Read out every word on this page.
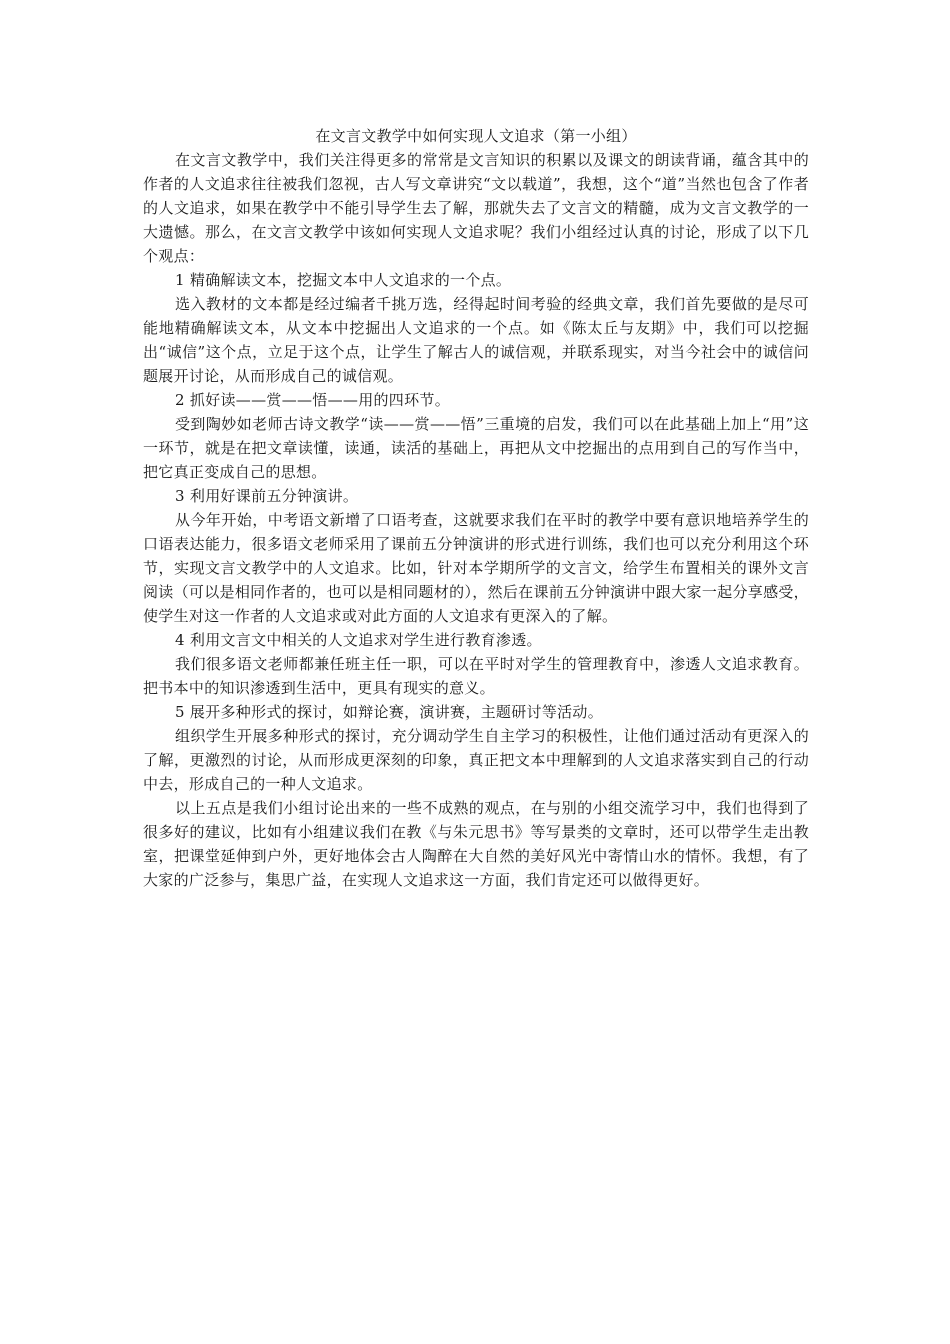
在文言文教学中如何实现人文追求（第一小组）

在文言文教学中，我们关注得更多的常常是文言知识的积累以及课文的朗读背诵，蕴含其中的作者的人文追求往往被我们忽视，古人写文章讲究“文以载道”，我想，这个“道”当然也包含了作者的人文追求，如果在教学中不能引导学生去了解，那就失去了文言文的精髓，成为文言文教学的一大遗憾。那么，在文言文教学中该如何实现人文追求呢？我们小组经过认真的讨论，形成了以下几个观点：

1 精确解读文本，挖掘文本中人文追求的一个点。

选入教材的文本都是经过编者千挑万选，经得起时间考验的经典文章，我们首先要做的是尽可能地精确解读文本，从文本中挖掘出人文追求的一个点。如《陈太丘与友期》中，我们可以挖掘出“诚信”这个点，立足于这个点，让学生了解古人的诚信观，并联系现实，对当今社会中的诚信问题展开讨论，从而形成自己的诚信观。

2 抓好读——赏——悟——用的四环节。

受到陶妙如老师古诗文教学“读——赏——悟”三重境的启发，我们可以在此基础上加上“用”这一环节，就是在把文章读懂，读通，读活的基础上，再把从文中挖掘出的点用到自己的写作当中，把它真正变成自己的思想。

3 利用好课前五分钟演讲。

从今年开始，中考语文新增了口语考查，这就要求我们在平时的教学中要有意识地培养学生的口语表达能力，很多语文老师采用了课前五分钟演讲的形式进行训练，我们也可以充分利用这个环节，实现文言文教学中的人文追求。比如，针对本学期所学的文言文，给学生布置相关的课外文言阅读（可以是相同作者的，也可以是相同题材的），然后在课前五分钟演讲中跟大家一起分享感受，使学生对这一作者的人文追求或对此方面的人文追求有更深入的了解。

4 利用文言文中相关的人文追求对学生进行教育渗透。

我们很多语文老师都兼任班主任一职，可以在平时对学生的管理教育中，渗透人文追求教育。把书本中的知识渗透到生活中，更具有现实的意义。

5 展开多种形式的探讨，如辩论赛，演讲赛，主题研讨等活动。

组织学生开展多种形式的探讨，充分调动学生自主学习的积极性，让他们通过活动有更深入的了解，更激烈的讨论，从而形成更深刻的印象，真正把文本中理解到的人文追求落实到自己的行动中去，形成自己的一种人文追求。

以上五点是我们小组讨论出来的一些不成熟的观点，在与别的小组交流学习中，我们也得到了很多好的建议，比如有小组建议我们在教《与朱元思书》等写景类的文章时，还可以带学生走出教室，把课堂延伸到户外，更好地体会古人陶醉在大自然的美好风光中寄情山水的情怀。我想，有了大家的广泛参与，集思广益，在实现人文追求这一方面，我们肯定还可以做得更好。
